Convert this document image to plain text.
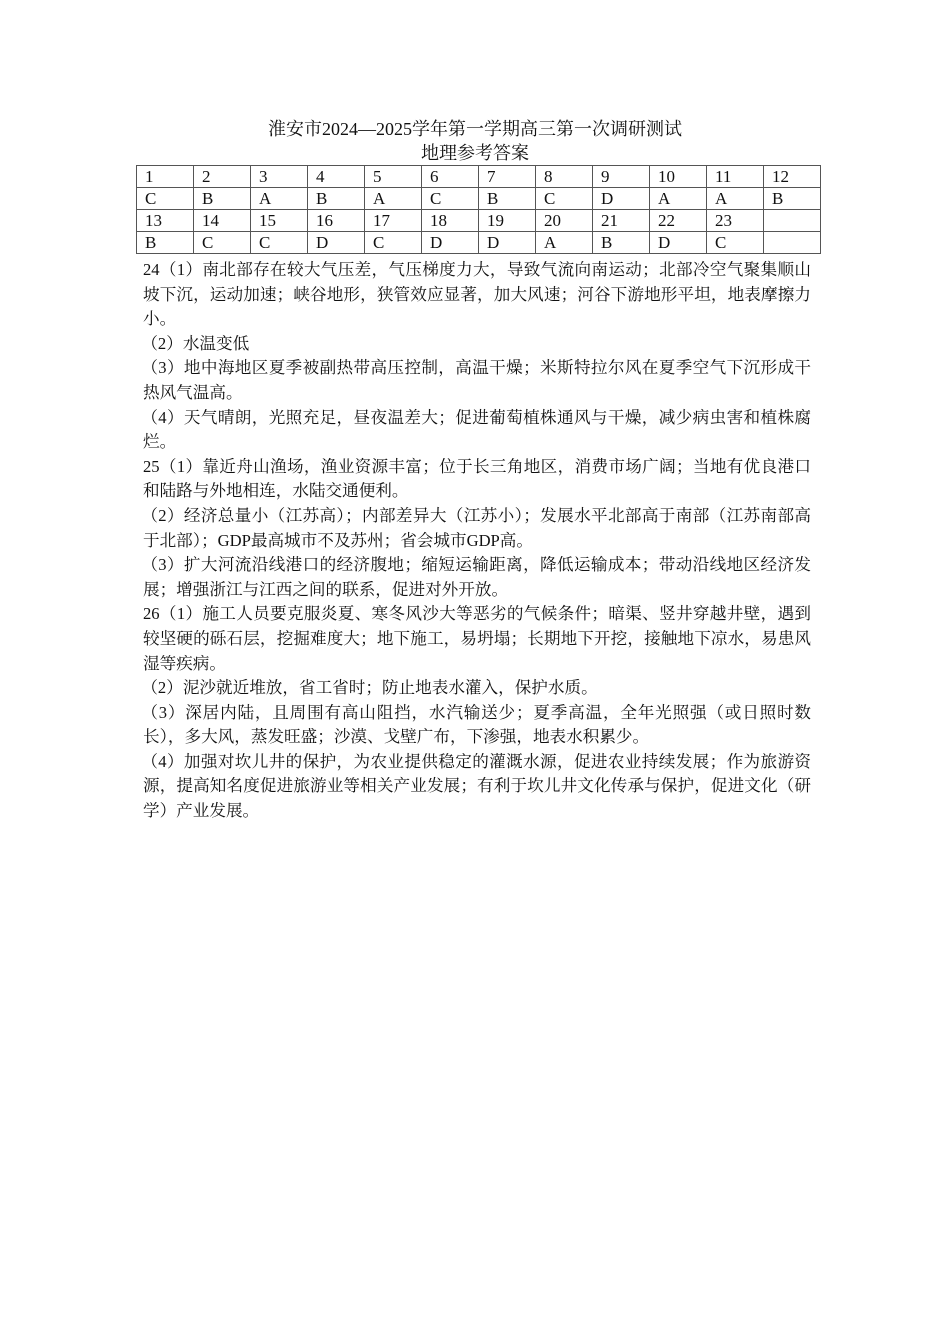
淮安市2024—2025学年第一学期高三第一次调研测试
地理参考答案
1	2	3	4	5	6	7	8	9	10	11	12
C	B	A	B	A	C	B	C	D	A	A	B
13	14	15	16	17	18	19	20	21	22	23	
B	C	C	D	C	D	D	A	B	D	C	

24（1）南北部存在较大气压差，气压梯度力大，导致气流向南运动；北部冷空气聚集顺山坡下沉，运动加速；峡谷地形，狭管效应显著，加大风速；河谷下游地形平坦，地表摩擦力小。

（2）水温变低

（3）地中海地区夏季被副热带高压控制，高温干燥；米斯特拉尔风在夏季空气下沉形成干热风气温高。

（4）天气晴朗，光照充足，昼夜温差大；促进葡萄植株通风与干燥，减少病虫害和植株腐烂。

25（1）靠近舟山渔场，渔业资源丰富；位于长三角地区，消费市场广阔；当地有优良港口和陆路与外地相连，水陆交通便利。

（2）经济总量小（江苏高）；内部差异大（江苏小）；发展水平北部高于南部（江苏南部高于北部）；GDP最高城市不及苏州；省会城市GDP高。

（3）扩大河流沿线港口的经济腹地；缩短运输距离，降低运输成本；带动沿线地区经济发展；增强浙江与江西之间的联系，促进对外开放。

26（1）施工人员要克服炎夏、寒冬风沙大等恶劣的气候条件；暗渠、竖井穿越井壁，遇到较坚硬的砾石层，挖掘难度大；地下施工，易坍塌；长期地下开挖，接触地下凉水，易患风湿等疾病。

（2）泥沙就近堆放，省工省时；防止地表水灌入，保护水质。

（3）深居内陆，且周围有高山阻挡，水汽输送少；夏季高温，全年光照强（或日照时数长），多大风，蒸发旺盛；沙漠、戈壁广布，下渗强，地表水积累少。

（4）加强对坎儿井的保护，为农业提供稳定的灌溉水源，促进农业持续发展；作为旅游资源，提高知名度促进旅游业等相关产业发展；有利于坎儿井文化传承与保护，促进文化（研学）产业发展。
